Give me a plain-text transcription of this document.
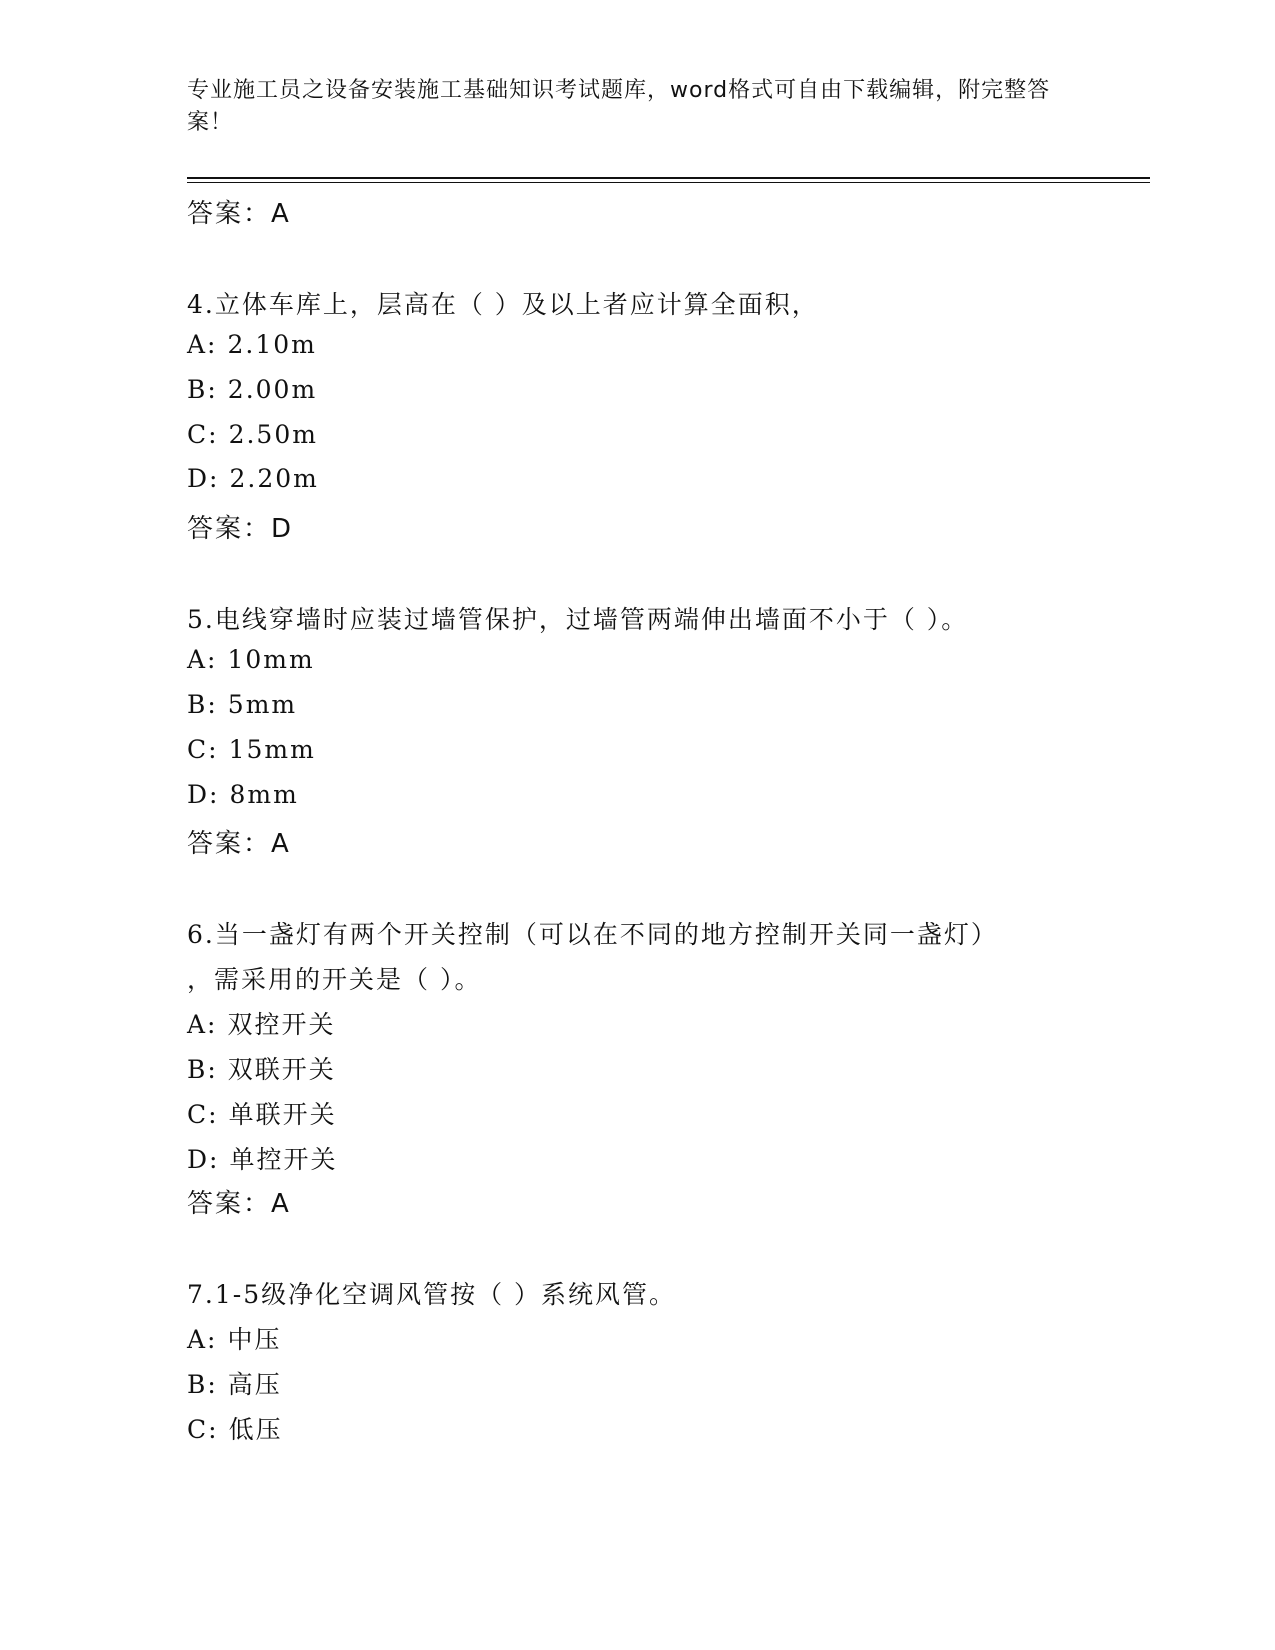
专业施工员之设备安装施工基础知识考试题库，word格式可自由下载编辑，附完整答案！
答案：A
4.立体车库上，层高在（ ）及以上者应计算全面积，
A: 2.10m
B: 2.00m
C: 2.50m
D: 2.20m
答案：D
5.电线穿墙时应装过墙管保护，过墙管两端伸出墙面不小于（ ）。
A: 10mm
B: 5mm
C: 15mm
D: 8mm
答案：A
6.当一盏灯有两个开关控制（可以在不同的地方控制开关同一盏灯）
，需采用的开关是（ ）。
A: 双控开关
B: 双联开关
C: 单联开关
D: 单控开关
答案：A
7.1-5级净化空调风管按（ ）系统风管。
A: 中压
B: 高压
C: 低压
